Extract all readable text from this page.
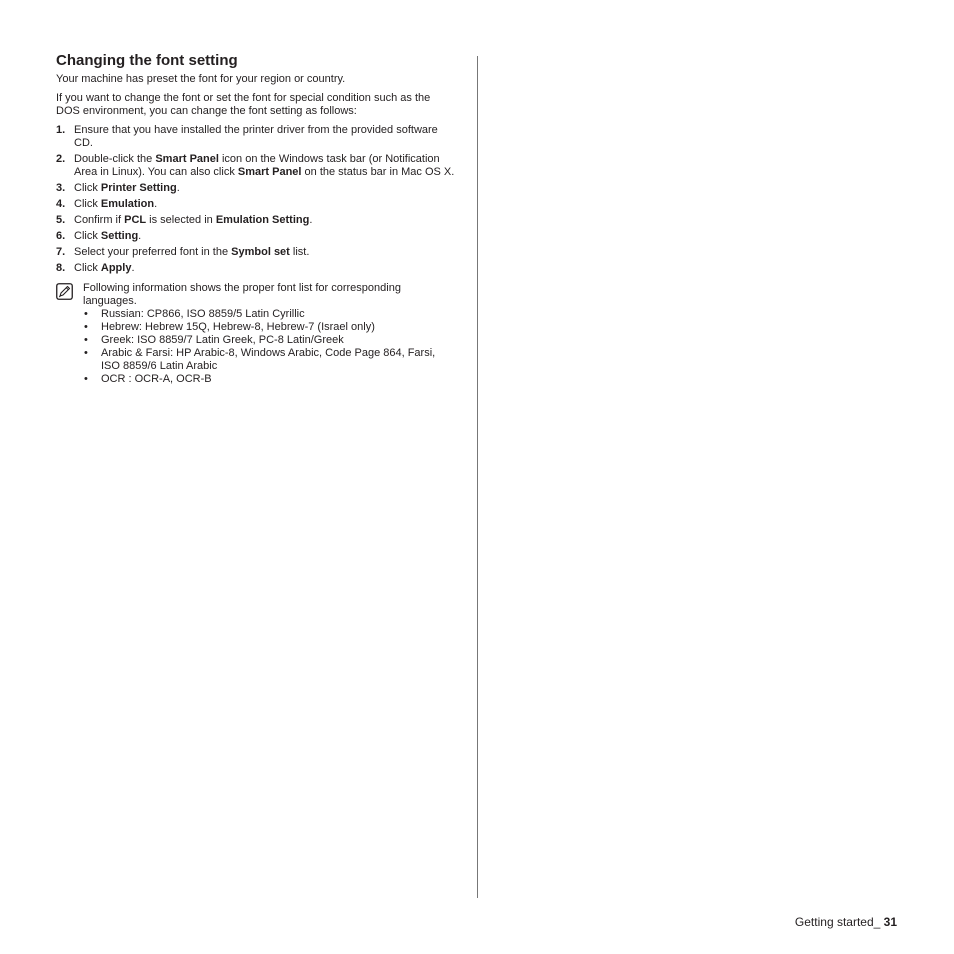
Changing the font setting

Your machine has preset the font for your region or country.

If you want to change the font or set the font for special condition such as the DOS environment, you can change the font setting as follows:

1. Ensure that you have installed the printer driver from the provided software CD.
2. Double-click the Smart Panel icon on the Windows task bar (or Notification Area in Linux). You can also click Smart Panel on the status bar in Mac OS X.
3. Click Printer Setting.
4. Click Emulation.
5. Confirm if PCL is selected in Emulation Setting.
6. Click Setting.
7. Select your preferred font in the Symbol set list.
8. Click Apply.

Following information shows the proper font list for corresponding languages.

• Russian: CP866, ISO 8859/5 Latin Cyrillic
• Hebrew: Hebrew 15Q, Hebrew-8, Hebrew-7 (Israel only)
• Greek: ISO 8859/7 Latin Greek, PC-8 Latin/Greek
• Arabic & Farsi: HP Arabic-8, Windows Arabic, Code Page 864, Farsi, ISO 8859/6 Latin Arabic
• OCR : OCR-A, OCR-B
Getting started_ 31
